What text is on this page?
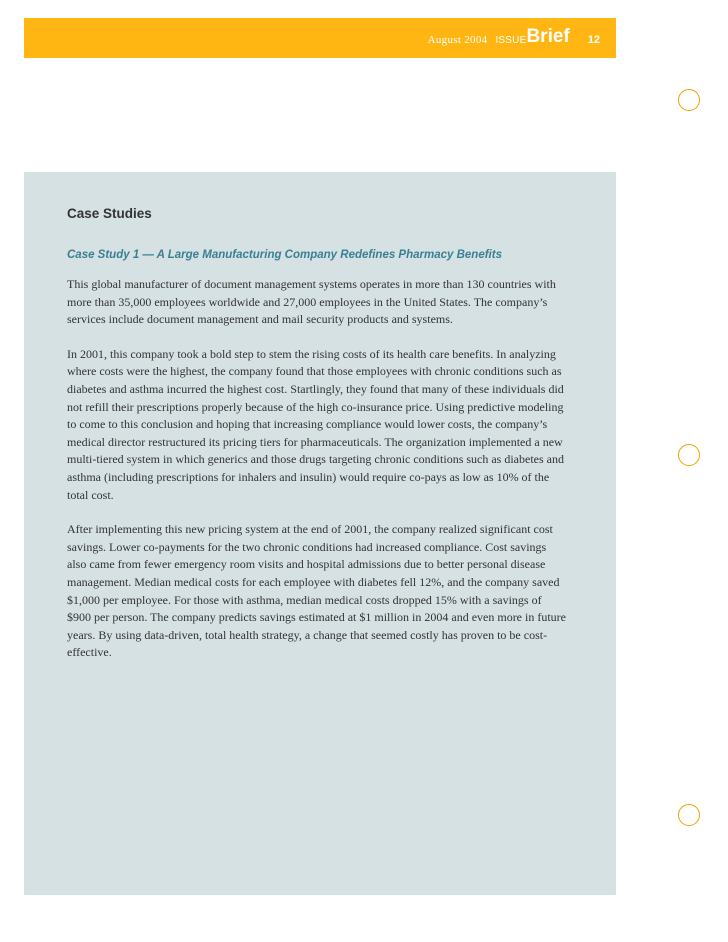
August 2004 ISSUE Brief 12
Case Studies
Case Study 1 — A Large Manufacturing Company Redefines Pharmacy Benefits

This global manufacturer of document management systems operates in more than 130 countries with more than 35,000 employees worldwide and 27,000 employees in the United States. The company’s services include document management and mail security products and systems.

In 2001, this company took a bold step to stem the rising costs of its health care benefits. In analyzing where costs were the highest, the company found that those employees with chronic conditions such as diabetes and asthma incurred the highest cost. Startlingly, they found that many of these individuals did not refill their prescriptions properly because of the high co-insurance price. Using predictive modeling to come to this conclusion and hoping that increasing compliance would lower costs, the company’s medical director restructured its pricing tiers for pharmaceuticals. The organization implemented a new multi-tiered system in which generics and those drugs targeting chronic conditions such as diabetes and asthma (including prescriptions for inhalers and insulin) would require co-pays as low as 10% of the total cost.

After implementing this new pricing system at the end of 2001, the company realized significant cost savings. Lower co-payments for the two chronic conditions had increased compliance. Cost savings also came from fewer emergency room visits and hospital admissions due to better personal disease management. Median medical costs for each employee with diabetes fell 12%, and the company saved $1,000 per employee. For those with asthma, median medical costs dropped 15% with a savings of $900 per person. The company predicts savings estimated at $1 million in 2004 and even more in future years. By using data-driven, total health strategy, a change that seemed costly has proven to be cost-effective.
